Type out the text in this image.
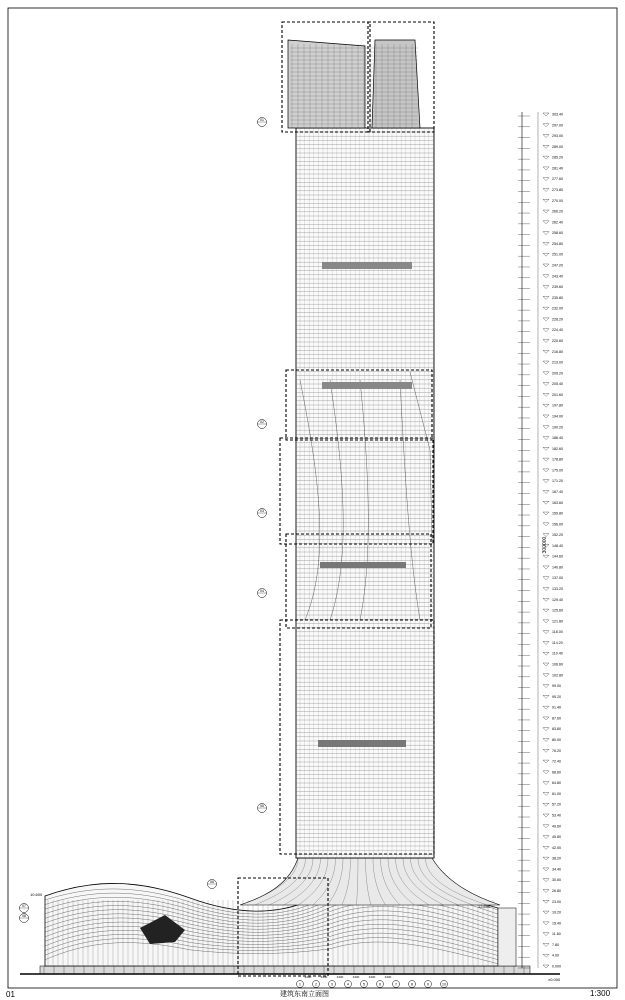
01
02
03
04
05
06
07
08
300000
303.40
297.00
293.00
289.00
285.20
281.40
277.60
273.80
270.00
266.20
262.40
258.60
254.80
251.00
247.20
243.40
239.60
235.80
232.00
228.20
224.40
220.60
216.80
213.00
209.20
205.40
201.60
197.80
194.00
190.20
186.40
182.60
178.80
175.00
171.20
167.40
163.60
159.80
156.00
152.20
148.40
144.60
140.80
137.00
133.20
129.40
125.60
121.80
118.00
114.20
110.40
106.60
102.80
99.00
95.20
91.40
87.60
83.80
80.00
76.20
72.40
68.60
64.80
61.00
57.20
53.40
49.60
45.80
42.00
38.20
34.40
30.60
26.80
23.00
19.20
15.40
11.60
7.80
4.00
0.000
1	2	3	4	5	6	7	8	9	10
3400	3400	3400	3400	3400	3400
10.600
12.600
±0.000
01	建筑东南立面图	1:300
